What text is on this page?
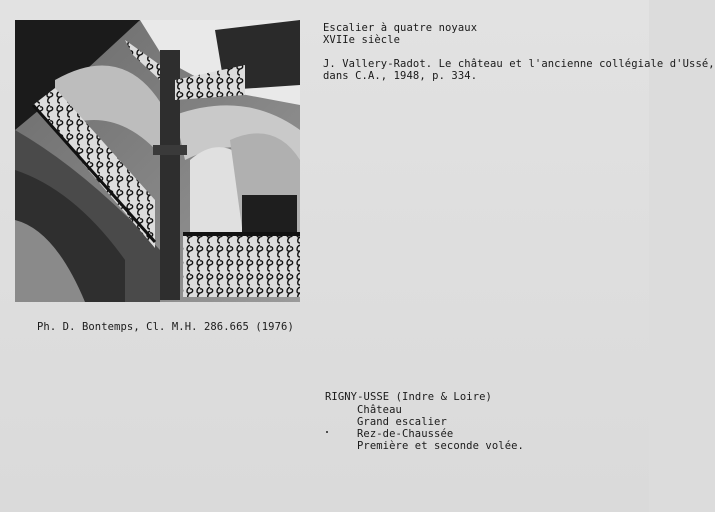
Escalier à quatre noyaux
XVIIe siècle
J. Vallery-Radot. Le château et l'ancienne collégiale d'Ussé,
dans C.A., 1948, p. 334.
Ph. D. Bontemps, Cl. M.H. 286.665 (1976)
RIGNY-USSE (Indre & Loire)
Château
Grand escalier
Rez-de-Chaussée
Première et seconde volée.
